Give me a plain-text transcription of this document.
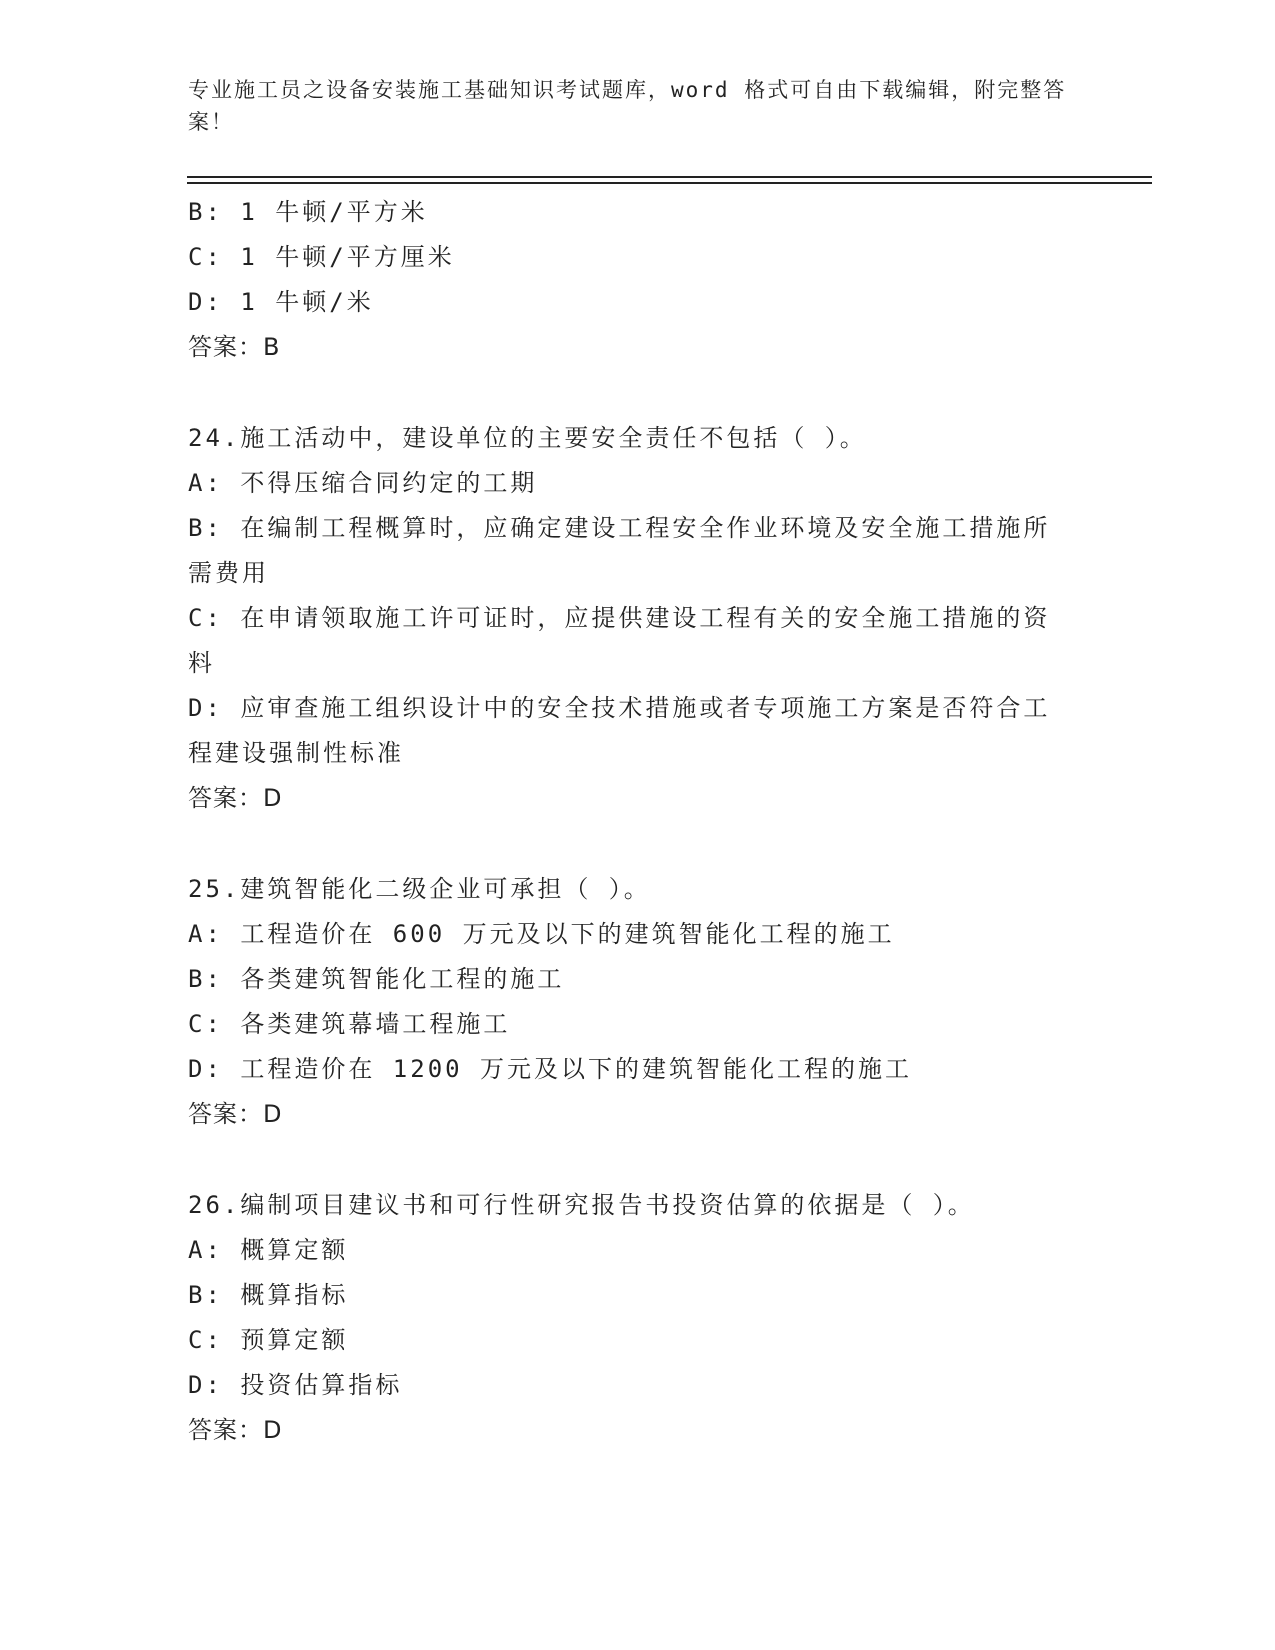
专业施工员之设备安装施工基础知识考试题库，word 格式可自由下载编辑，附完整答案！

B: 1 牛顿/平方米

C: 1 牛顿/平方厘米

D: 1 牛顿/米

答案：B

24.施工活动中，建设单位的主要安全责任不包括（ ）。

A: 不得压缩合同约定的工期

B: 在编制工程概算时，应确定建设工程安全作业环境及安全施工措施所需费用

C: 在申请领取施工许可证时，应提供建设工程有关的安全施工措施的资料

D: 应审查施工组织设计中的安全技术措施或者专项施工方案是否符合工程建设强制性标准

答案：D

25.建筑智能化二级企业可承担（ ）。

A: 工程造价在 600 万元及以下的建筑智能化工程的施工

B: 各类建筑智能化工程的施工

C: 各类建筑幕墙工程施工

D: 工程造价在 1200 万元及以下的建筑智能化工程的施工

答案：D

26.编制项目建议书和可行性研究报告书投资估算的依据是（ ）。

A: 概算定额

B: 概算指标

C: 预算定额

D: 投资估算指标

答案：D
